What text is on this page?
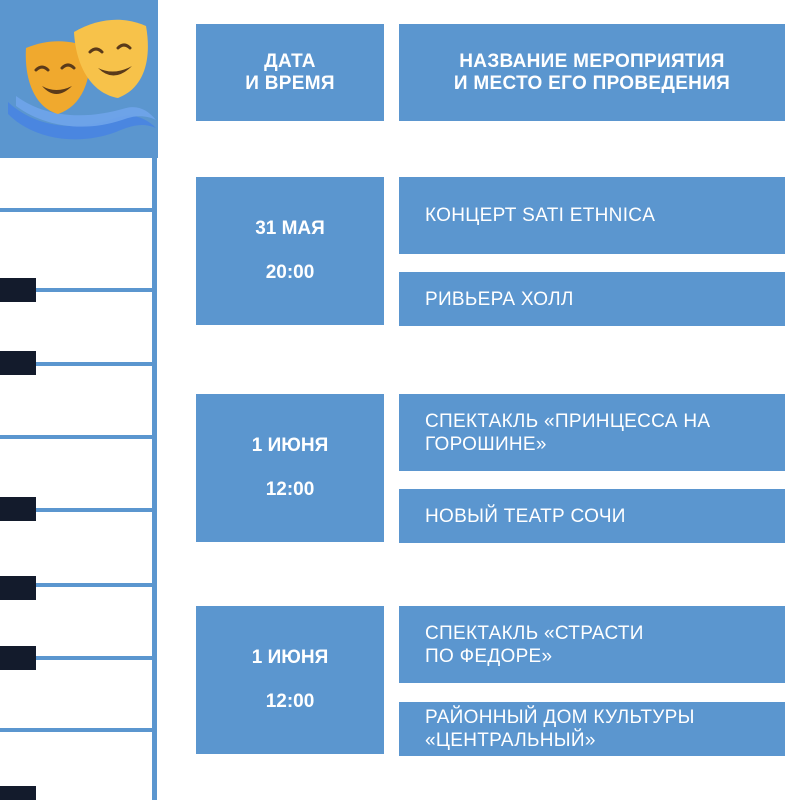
ДАТА
И ВРЕМЯ
НАЗВАНИЕ МЕРОПРИЯТИЯ
И МЕСТО ЕГО ПРОВЕДЕНИЯ
31 МАЯ
20:00
КОНЦЕРТ SATI ETHNICA
РИВЬЕРА ХОЛЛ
1 ИЮНЯ
12:00
СПЕКТАКЛЬ «ПРИНЦЕССА НА
ГОРОШИНЕ»
НОВЫЙ ТЕАТР СОЧИ
1 ИЮНЯ
12:00
СПЕКТАКЛЬ «СТРАСТИ
ПО ФЕДОРЕ»
РАЙОННЫЙ ДОМ КУЛЬТУРЫ
«ЦЕНТРАЛЬНЫЙ»
